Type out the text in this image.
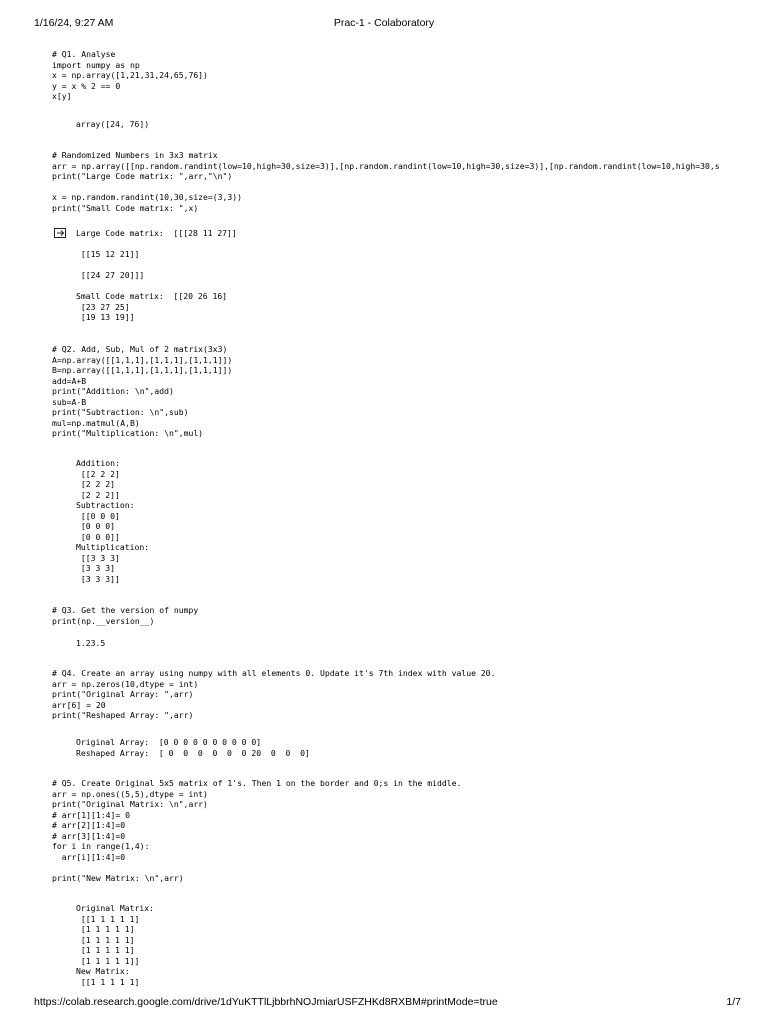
1/16/24, 9:27 AM	Prac-1 - Colaboratory
# Q1. Analyse
import numpy as np
x = np.array([1,21,31,24,65,76])
y = x % 2 == 0
x[y]
array([24, 76])
# Randomized Numbers in 3x3 matrix
arr = np.array([[np.random.randint(low=10,high=30,size=3)],[np.random.randint(low=10,high=30,size=3)],[np.random.randint(low=10,high=30,s
print("Large Code matrix: ",arr,"\n")

x = np.random.randint(10,30,size=(3,3))
print("Small Code matrix: ",x)
Large Code matrix:  [[[28 11 27]]

[[15 12 21]]

[[24 27 20]]]

Small Code matrix:  [[20 26 16]
[23 27 25]
[19 13 19]]
# Q2. Add, Sub, Mul of 2 matrix(3x3)
A=np.array([[1,1,1],[1,1,1],[1,1,1]])
B=np.array([[1,1,1],[1,1,1],[1,1,1]])
add=A+B
print("Addition: \n",add)
sub=A-B
print("Subtraction: \n",sub)
mul=np.matmul(A,B)
print("Multiplication: \n",mul)
Addition:
[[2 2 2]
[2 2 2]
[2 2 2]]
Subtraction:
[[0 0 0]
[0 0 0]
[0 0 0]]
Multiplication:
[[3 3 3]
[3 3 3]
[3 3 3]]
# Q3. Get the version of numpy
print(np.__version__)
1.23.5
# Q4. Create an array using numpy with all elements 0. Update it's 7th index with value 20.
arr = np.zeros(10,dtype = int)
print("Original Array: ",arr)
arr[6] = 20
print("Reshaped Array: ",arr)
Original Array:  [0 0 0 0 0 0 0 0 0 0]
Reshaped Array:  [ 0  0  0  0  0  0 20  0  0  0]
# Q5. Create Original 5x5 matrix of 1's. Then 1 on the border and 0;s in the middle.
arr = np.ones((5,5),dtype = int)
print("Original Matrix: \n",arr)
# arr[1][1:4]= 0
# arr[2][1:4]=0
# arr[3][1:4]=0
for i in range(1,4):
arr[i][1:4]=0

print("New Matrix: \n",arr)
Original Matrix:
[[1 1 1 1 1]
[1 1 1 1 1]
[1 1 1 1 1]
[1 1 1 1 1]
[1 1 1 1 1]]
New Matrix:
[[1 1 1 1 1]
https://colab.research.google.com/drive/1dYuKTTlLjbbrhNOJmiarUSFZHKd8RXBM#printMode=true	1/7
